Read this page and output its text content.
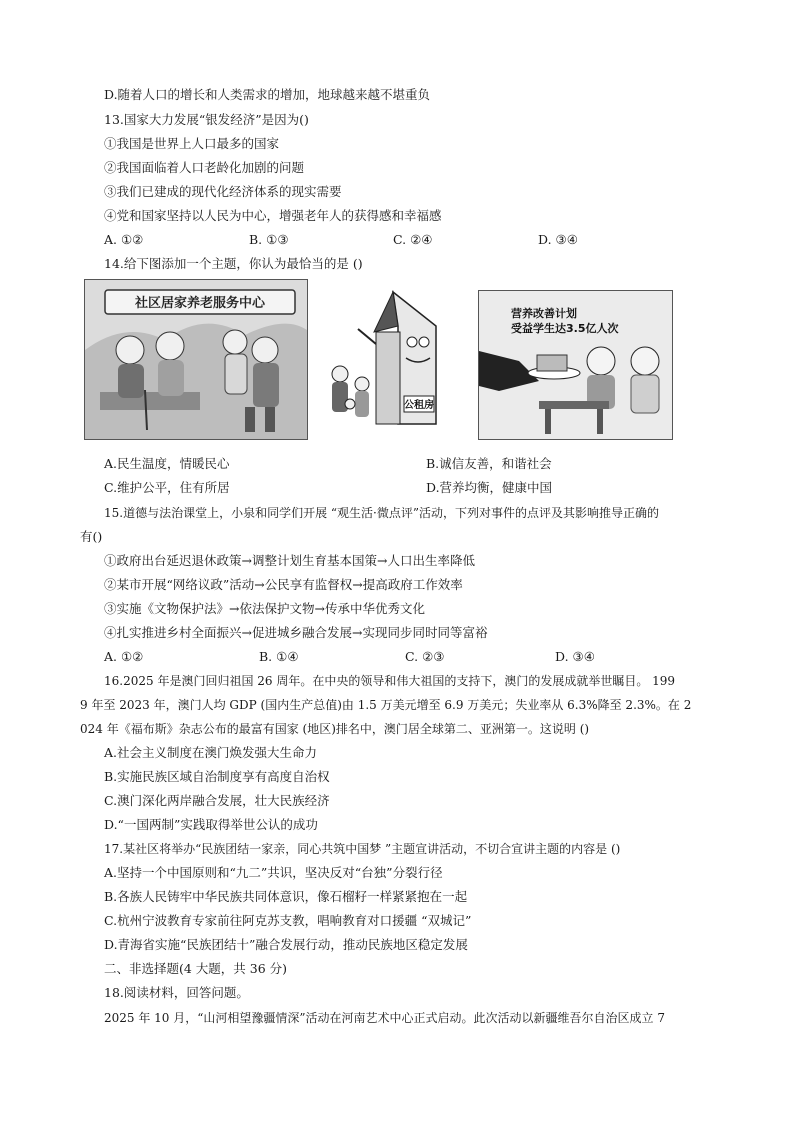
D.随着人口的增长和人类需求的增加，地球越来越不堪重负
13.国家大力发展“银发经济”是因为()
①我国是世界上人口最多的国家
②我国面临着人口老龄化加剧的问题
③我们已建成的现代化经济体系的现实需要
④党和国家坚持以人民为中心，增强老年人的获得感和幸福感
A. ①②	B. ①③	C. ②④	D. ③④
14.给下图添加一个主题，你认为最恰当的是 ()
社区居家养老服务中心
公租房
营养改善计划
受益学生达3.5亿人次
A.民生温度，情暖民心	B.诚信友善，和谐社会
C.维护公平，住有所居	D.营养均衡，健康中国
15.道德与法治课堂上，小泉和同学们开展 “观生活·微点评”活动，下列对事件的点评及其影响推导正确的
有()
①政府出台延迟退休政策→调整计划生育基本国策→人口出生率降低
②某市开展“网络议政”活动→公民享有监督权→提高政府工作效率
③实施《文物保护法》→依法保护文物→传承中华优秀文化
④扎实推进乡村全面振兴→促进城乡融合发展→实现同步同时同等富裕
A. ①②	B. ①④	C. ②③	D. ③④
16.2025 年是澳门回归祖国 26 周年。在中央的领导和伟大祖国的支持下，澳门的发展成就举世瞩目。 199
9 年至 2023 年，澳门人均 GDP (国内生产总值)由 1.5 万美元增至 6.9 万美元；失业率从 6.3%降至 2.3%。在 2
024 年《福布斯》杂志公布的最富有国家 (地区)排名中，澳门居全球第二、亚洲第一。这说明 ()
A.社会主义制度在澳门焕发强大生命力
B.实施民族区域自治制度享有高度自治权
C.澳门深化两岸融合发展，壮大民族经济
D.“一国两制”实践取得举世公认的成功
17.某社区将举办“民族团结一家亲，同心共筑中国梦 ”主题宣讲活动，不切合宣讲主题的内容是 ()
A.坚持一个中国原则和“九二”共识，坚决反对“台独”分裂行径
B.各族人民铸牢中华民族共同体意识，像石榴籽一样紧紧抱在一起
C.杭州宁波教育专家前往阿克苏支教，唱响教育对口援疆 “双城记”
D.青海省实施“民族团结十”融合发展行动，推动民族地区稳定发展
二、非选择题(4 大题，共 36 分)
18.阅读材料，回答问题。
2025 年 10 月，“山河相望豫疆情深”活动在河南艺术中心正式启动。此次活动以新疆维吾尔自治区成立 7
